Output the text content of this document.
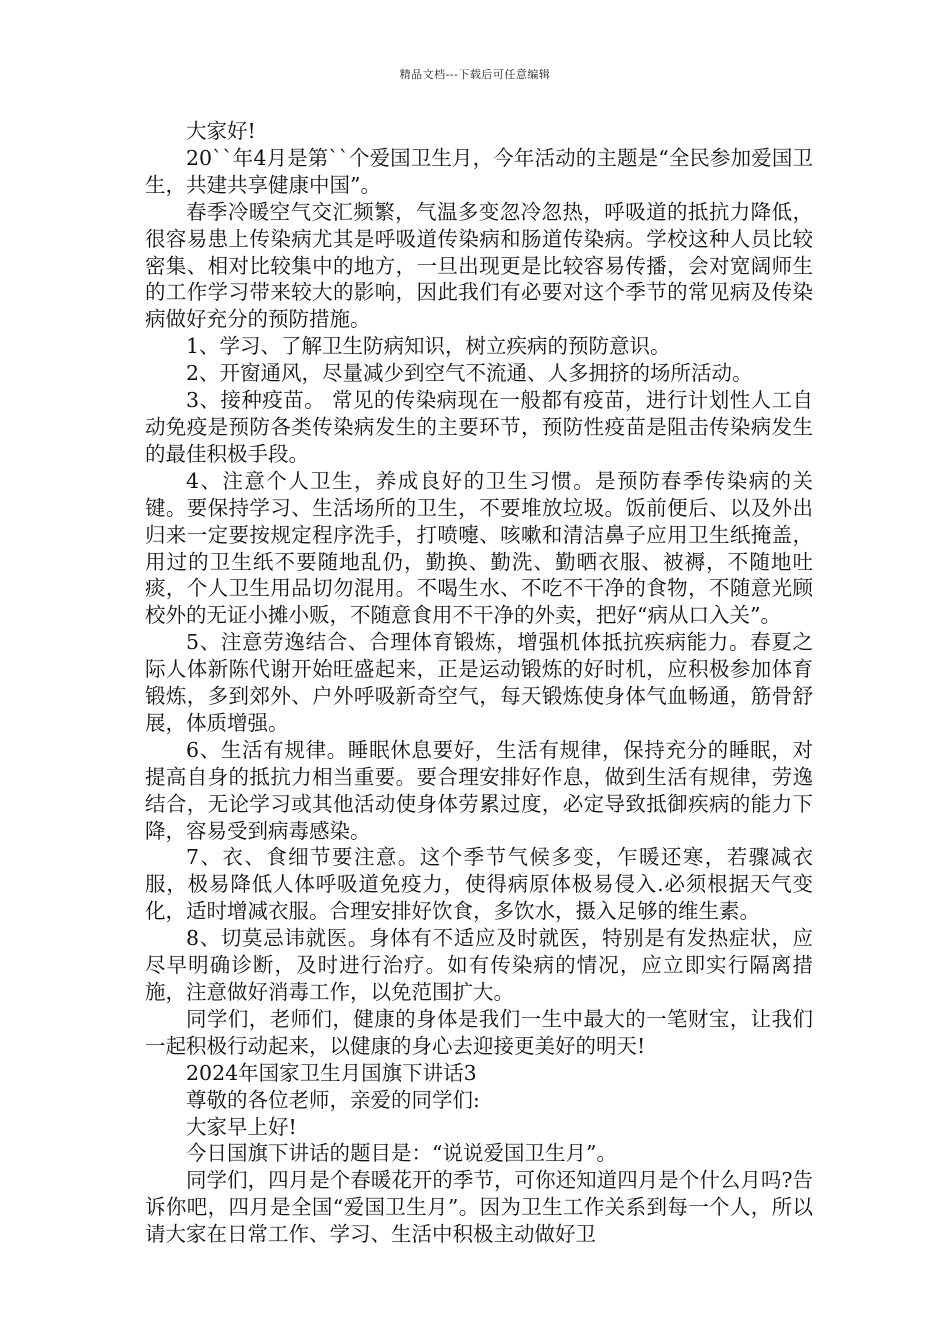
精品文档---下载后可任意编辑

大家好!

20``年4月是第``个爱国卫生月，今年活动的主题是“全民参加爱国卫生，共建共享健康中国”。

春季冷暖空气交汇频繁，气温多变忽冷忽热，呼吸道的抵抗力降低，很容易患上传染病尤其是呼吸道传染病和肠道传染病。学校这种人员比较密集、相对比较集中的地方，一旦出现更是比较容易传播，会对宽阔师生的工作学习带来较大的影响，因此我们有必要对这个季节的常见病及传染病做好充分的预防措施。

1、学习、了解卫生防病知识，树立疾病的预防意识。

2、开窗通风，尽量减少到空气不流通、人多拥挤的场所活动。

3、接种疫苗。 常见的传染病现在一般都有疫苗，进行计划性人工自动免疫是预防各类传染病发生的主要环节，预防性疫苗是阻击传染病发生的最佳积极手段。

4、注意个人卫生，养成良好的卫生习惯。是预防春季传染病的关键。要保持学习、生活场所的卫生，不要堆放垃圾。饭前便后、以及外出归来一定要按规定程序洗手，打喷嚏、咳嗽和清洁鼻子应用卫生纸掩盖，用过的卫生纸不要随地乱仍，勤换、勤洗、勤晒衣服、被褥，不随地吐痰，个人卫生用品切勿混用。不喝生水、不吃不干净的食物，不随意光顾校外的无证小摊小贩，不随意食用不干净的外卖，把好“病从口入关”。

5、注意劳逸结合、合理体育锻炼，增强机体抵抗疾病能力。春夏之际人体新陈代谢开始旺盛起来，正是运动锻炼的好时机，应积极参加体育锻炼，多到郊外、户外呼吸新奇空气，每天锻炼使身体气血畅通，筋骨舒展，体质增强。

6、生活有规律。睡眠休息要好，生活有规律，保持充分的睡眠，对提高自身的抵抗力相当重要。要合理安排好作息，做到生活有规律，劳逸结合，无论学习或其他活动使身体劳累过度，必定导致抵御疾病的能力下降，容易受到病毒感染。

7、衣、食细节要注意。这个季节气候多变，乍暖还寒，若骤减衣服，极易降低人体呼吸道免疫力，使得病原体极易侵入.必须根据天气变化，适时增减衣服。合理安排好饮食，多饮水，摄入足够的维生素。

8、切莫忌讳就医。身体有不适应及时就医，特别是有发热症状，应尽早明确诊断，及时进行治疗。如有传染病的情况，应立即实行隔离措施，注意做好消毒工作，以免范围扩大。

同学们，老师们，健康的身体是我们一生中最大的一笔财宝，让我们一起积极行动起来，以健康的身心去迎接更美好的明天!

2024年国家卫生月国旗下讲话3

尊敬的各位老师，亲爱的同学们:

大家早上好!

今日国旗下讲话的题目是：“说说爱国卫生月”。

同学们，四月是个春暖花开的季节，可你还知道四月是个什么月吗?告诉你吧，四月是全国“爱国卫生月”。因为卫生工作关系到每一个人，所以请大家在日常工作、学习、生活中积极主动做好卫
